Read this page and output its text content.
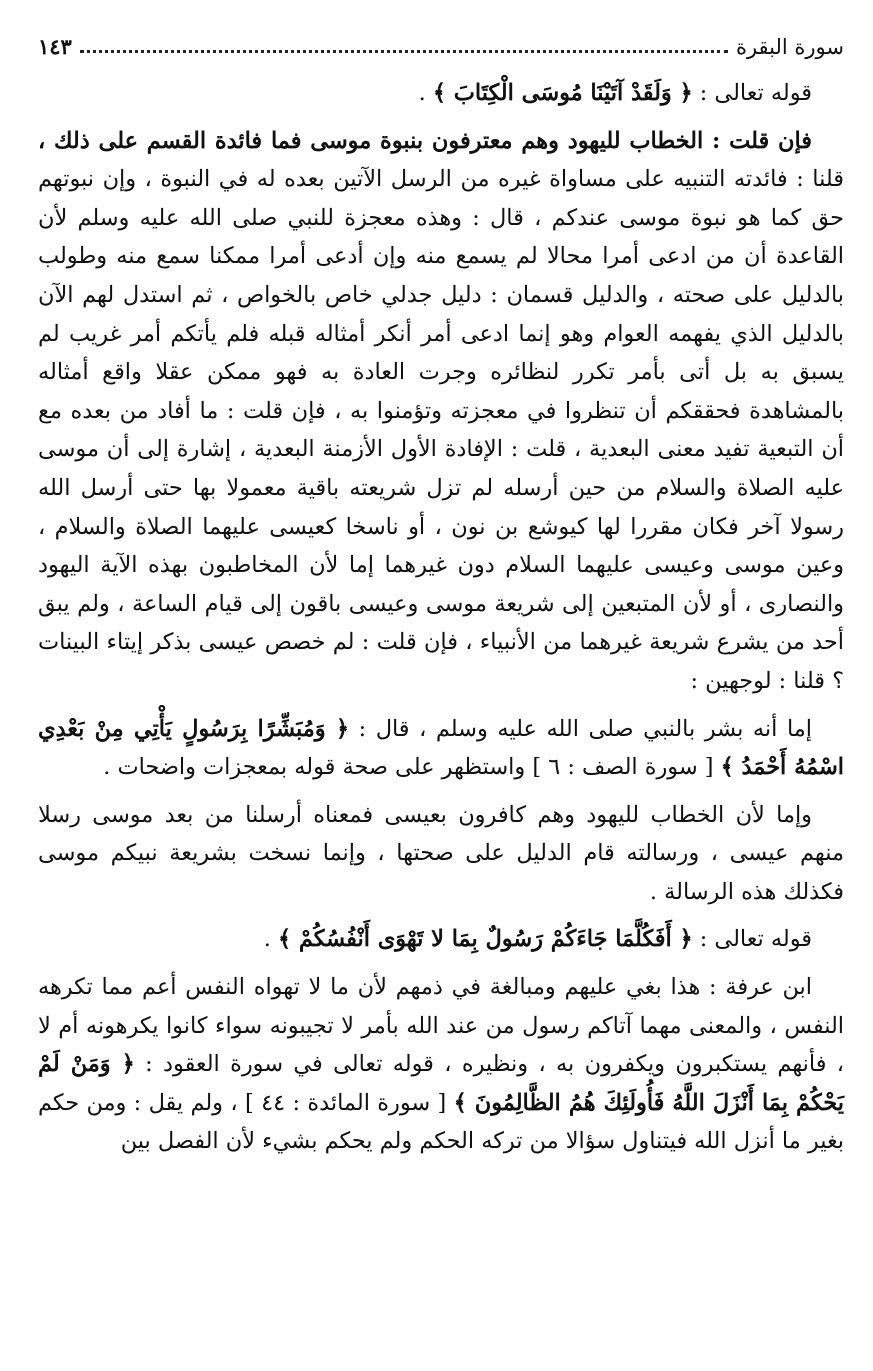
سورة البقرة
١٤٣

قوله تعالى : ﴿ وَلَقَدْ آتَيْنَا مُوسَى الْكِتَابَ ﴾ .

فإن قلت : الخطاب لليهود وهم معترفون بنبوة موسى فما فائدة القسم على ذلك ، قلنا : فائدته التنبيه على مساواة غيره من الرسل الآتين بعده له في النبوة ، وإن نبوتهم حق كما هو نبوة موسى عندكم ، قال : وهذه معجزة للنبي صلى الله عليه وسلم لأن القاعدة أن من ادعى أمرا محالا لم يسمع منه وإن أدعى أمرا ممكنا سمع منه وطولب بالدليل على صحته ، والدليل قسمان : دليل جدلي خاص بالخواص ، ثم استدل لهم الآن بالدليل الذي يفهمه العوام وهو إنما ادعى أمر أنكر أمثاله قبله فلم يأتكم أمر غريب لم يسبق به بل أتى بأمر تكرر لنظائره وجرت العادة به فهو ممكن عقلا واقع أمثاله بالمشاهدة فحققكم أن تنظروا في معجزته وتؤمنوا به ، فإن قلت : ما أفاد من بعده مع أن التبعية تفيد معنى البعدية ، قلت : الإفادة الأول الأزمنة البعدية ، إشارة إلى أن موسى عليه الصلاة والسلام من حين أرسله لم تزل شريعته باقية معمولا بها حتى أرسل الله رسولا آخر فكان مقررا لها كيوشع بن نون ، أو ناسخا كعيسى عليهما الصلاة والسلام ، وعين موسى وعيسى عليهما السلام دون غيرهما إما لأن المخاطبون بهذه الآية اليهود والنصارى ، أو لأن المتبعين إلى شريعة موسى وعيسى باقون إلى قيام الساعة ، ولم يبق أحد من يشرع شريعة غيرهما من الأنبياء ، فإن قلت : لم خصص عيسى بذكر إيتاء البينات ؟ قلنا : لوجهين :

إما أنه بشر بالنبي صلى الله عليه وسلم ، قال : ﴿ وَمُبَشِّرًا بِرَسُولٍ يَأْتِي مِنْ بَعْدِي اسْمُهُ أَحْمَدُ ﴾ [ سورة الصف : ٦ ] واستظهر على صحة قوله بمعجزات واضحات .

وإما لأن الخطاب لليهود وهم كافرون بعيسى فمعناه أرسلنا من بعد موسى رسلا منهم عيسى ، ورسالته قام الدليل على صحتها ، وإنما نسخت بشريعة نبيكم موسى فكذلك هذه الرسالة .

قوله تعالى : ﴿ أَفَكُلَّمَا جَاءَكُمْ رَسُولٌ بِمَا لا تَهْوَى أَنْفُسُكُمْ ﴾ .

ابن عرفة : هذا بغي عليهم ومبالغة في ذمهم لأن ما لا تهواه النفس أعم مما تكرهه النفس ، والمعنى مهما آتاكم رسول من عند الله بأمر لا تجيبونه سواء كانوا يكرهونه أم لا ، فأنهم يستكبرون ويكفرون به ، ونظيره ، قوله تعالى في سورة العقود : ﴿ وَمَنْ لَمْ يَحْكُمْ بِمَا أَنْزَلَ اللَّهُ فَأُولَئِكَ هُمُ الظَّالِمُونَ ﴾ [ سورة المائدة : ٤٤ ] ، ولم يقل : ومن حكم بغير ما أنزل الله فيتناول سؤالا من تركه الحكم ولم يحكم بشيء لأن الفصل بين
